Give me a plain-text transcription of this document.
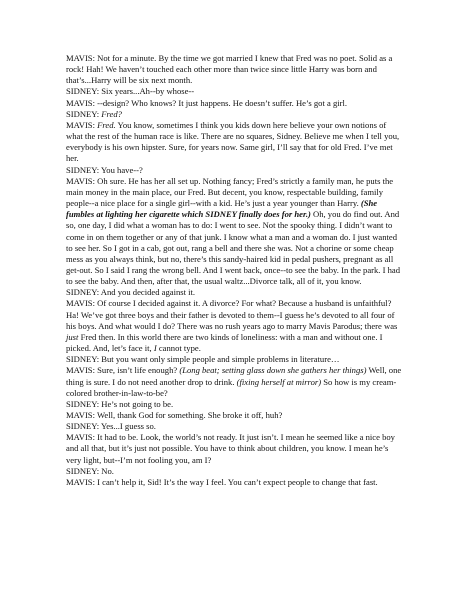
MAVIS: Not for a minute. By the time we got married I knew that Fred was no poet. Solid as a rock! Hah! We haven’t touched each other more than twice since little Harry was born and that’s...Harry will be six next month.

SIDNEY: Six years...Ah--by whose--

MAVIS: --design? Who knows? It just happens. He doesn’t suffer. He’s got a girl.

SIDNEY: Fred?

MAVIS: Fred. You know, sometimes I think you kids down here believe your own notions of what the rest of the human race is like. There are no squares, Sidney. Believe me when I tell you, everybody is his own hipster. Sure, for years now. Same girl, I’ll say that for old Fred. I’ve met her.

SIDNEY: You have--?

MAVIS: Oh sure. He has her all set up. Nothing fancy; Fred’s strictly a family man, he puts the main money in the main place, our Fred. But decent, you know, respectable building, family people--a nice place for a single girl--with a kid. He’s just a year younger than Harry. (She fumbles at lighting her cigarette which SIDNEY finally does for her.) Oh, you do find out. And so, one day, I did what a woman has to do: I went to see. Not the spooky thing. I didn’t want to come in on them together or any of that junk. I know what a man and a woman do. I just wanted to see her. So I got in a cab, got out, rang a bell and there she was. Not a chorine or some cheap mess as you always think, but no, there’s this sandy-haired kid in pedal pushers, pregnant as all get-out. So I said I rang the wrong bell. And I went back, once--to see the baby. In the park. I had to see the baby. And then, after that, the usual waltz...Divorce talk, all of it, you know.

SIDNEY: And you decided against it.

MAVIS: Of course I decided against it. A divorce? For what? Because a husband is unfaithful? Ha! We’ve got three boys and their father is devoted to them--I guess he’s devoted to all four of his boys. And what would I do? There was no rush years ago to marry Mavis Parodus; there was just Fred then. In this world there are two kinds of loneliness: with a man and without one. I picked. And, let’s face it, I cannot type.

SIDNEY: But you want only simple people and simple problems in literature…

MAVIS: Sure, isn’t life enough? (Long beat; setting glass down she gathers her things) Well, one thing is sure. I do not need another drop to drink. (fixing herself at mirror) So how is my cream-colored brother-in-law-to-be?

SIDNEY: He’s not going to be.

MAVIS: Well, thank God for something. She broke it off, huh?

SIDNEY: Yes...I guess so.

MAVIS: It had to be. Look, the world’s not ready. It just isn’t. I mean he seemed like a nice boy and all that, but it’s just not possible. You have to think about children, you know. I mean he’s very light, but--I’m not fooling you, am I?

SIDNEY: No.

MAVIS: I can’t help it, Sid! It’s the way I feel. You can’t expect people to change that fast.
